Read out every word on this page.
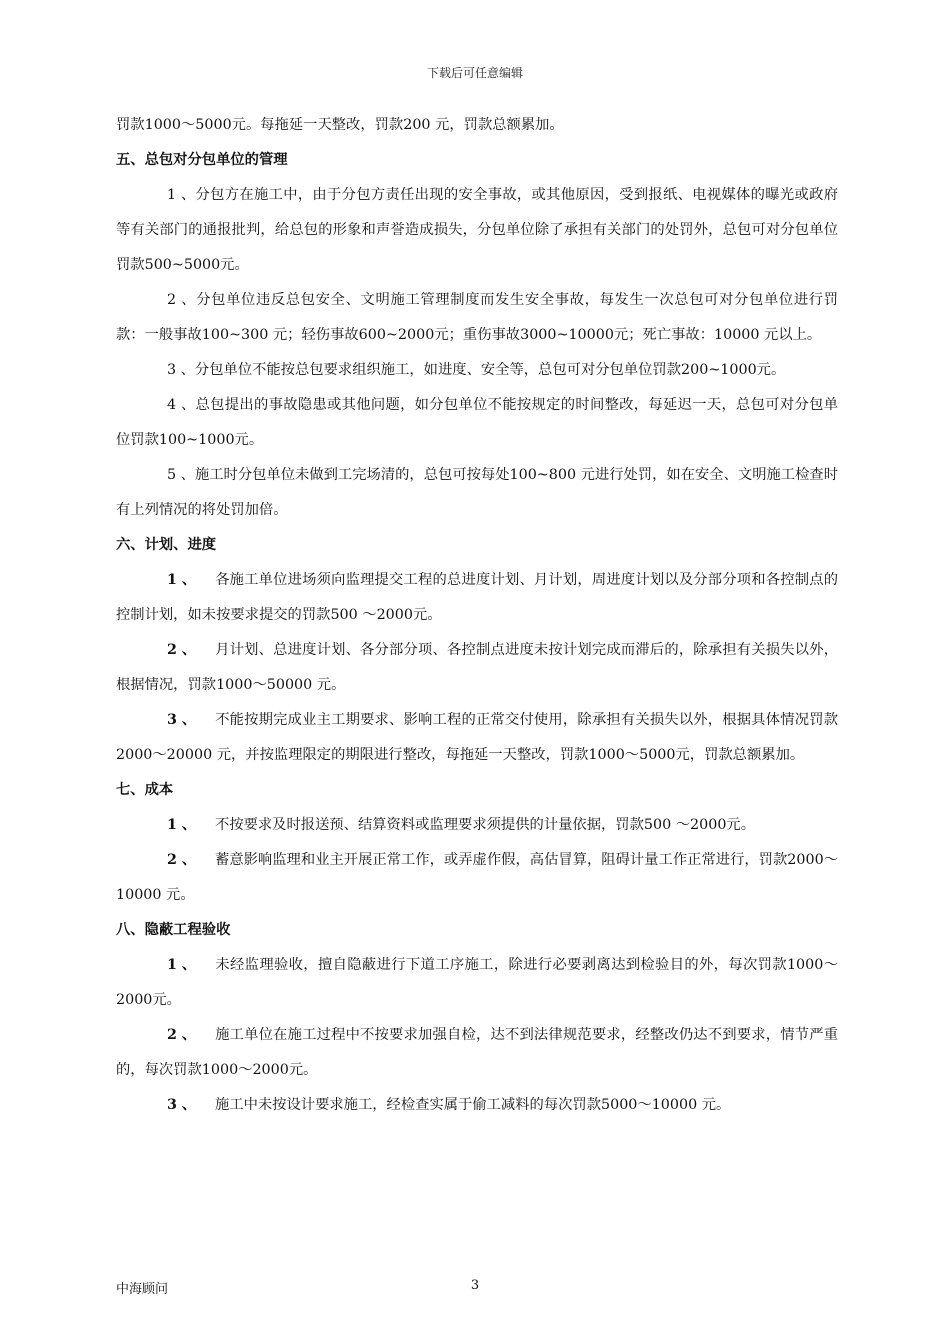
下载后可任意编辑

罚款1000～5000元。每拖延一天整改，罚款200 元，罚款总额累加。

五、总包对分包单位的管理

1 、分包方在施工中，由于分包方责任出现的安全事故，或其他原因，受到报纸、电视媒体的曝光或政府等有关部门的通报批判，给总包的形象和声誉造成损失，分包单位除了承担有关部门的处罚外，总包可对分包单位罚款500~5000元。

2 、分包单位违反总包安全、文明施工管理制度而发生安全事故，每发生一次总包可对分包单位进行罚款：一般事故100~300 元；轻伤事故600~2000元；重伤事故3000~10000元；死亡事故：10000 元以上。

3 、分包单位不能按总包要求组织施工，如进度、安全等，总包可对分包单位罚款200~1000元。

4 、总包提出的事故隐患或其他问题，如分包单位不能按规定的时间整改，每延迟一天，总包可对分包单位罚款100~1000元。

5 、施工时分包单位未做到工完场清的，总包可按每处100~800 元进行处罚，如在安全、文明施工检查时有上列情况的将处罚加倍。

六、计划、进度

1 、 各施工单位进场须向监理提交工程的总进度计划、月计划，周进度计划以及分部分项和各控制点的控制计划，如未按要求提交的罚款500 ～2000元。

2 、 月计划、总进度计划、各分部分项、各控制点进度未按计划完成而滞后的，除承担有关损失以外，根据情况，罚款1000～50000 元。

3 、 不能按期完成业主工期要求、影响工程的正常交付使用，除承担有关损失以外，根据具体情况罚款2000～20000 元，并按监理限定的期限进行整改，每拖延一天整改，罚款1000～5000元，罚款总额累加。

七、成本

1 、 不按要求及时报送预、结算资料或监理要求须提供的计量依据，罚款500 ～2000元。

2 、 蓄意影响监理和业主开展正常工作，或弄虚作假，高估冒算，阻碍计量工作正常进行，罚款2000～10000 元。

八、隐蔽工程验收

1 、 未经监理验收，擅自隐蔽进行下道工序施工，除进行必要剥离达到检验目的外，每次罚款1000～2000元。

2 、 施工单位在施工过程中不按要求加强自检，达不到法律规范要求，经整改仍达不到要求，情节严重的，每次罚款1000～2000元。

3 、 施工中未按设计要求施工，经检查实属于偷工减料的每次罚款5000～10000 元。

中海顾问	3
